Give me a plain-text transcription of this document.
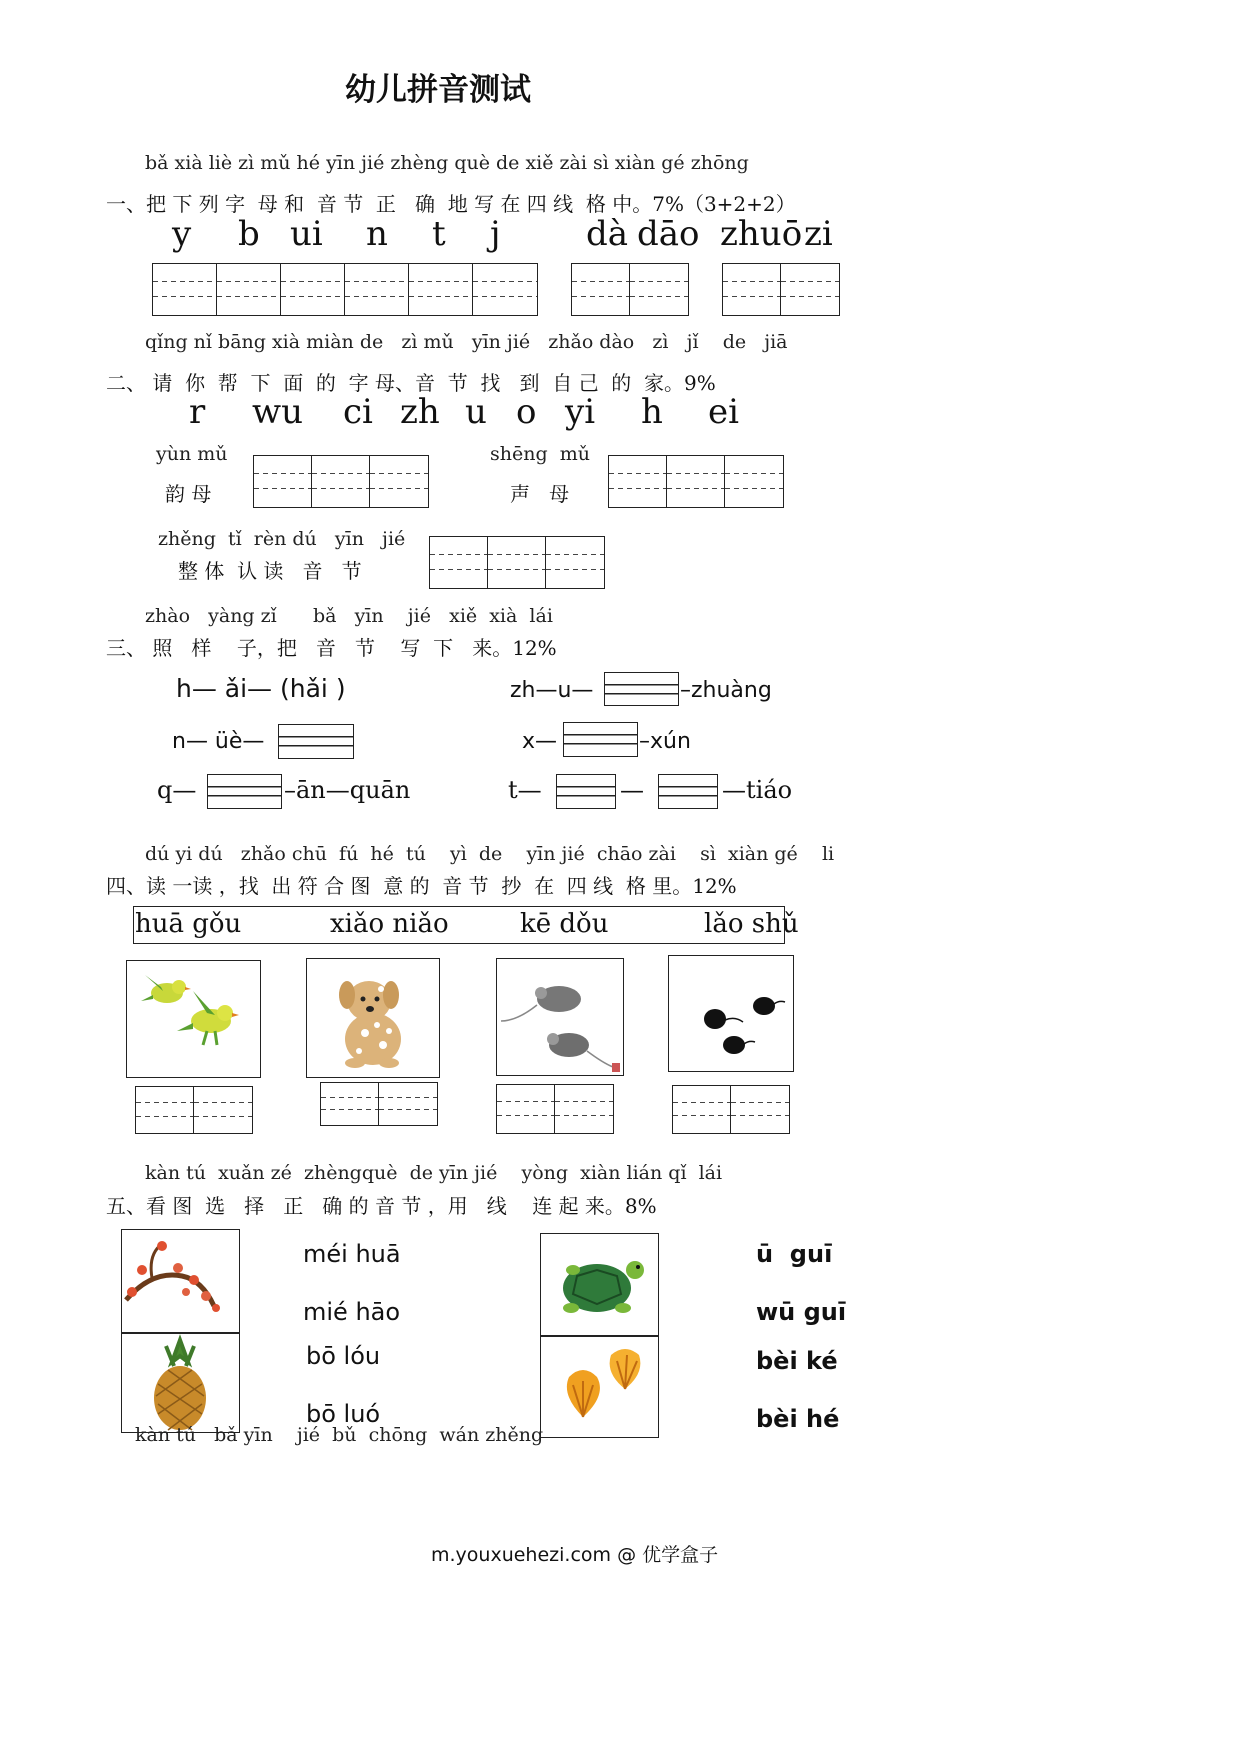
幼儿拼音测试
bǎ xià liè zì mǔ hé yīn jié zhèng què de xiě zài sì xiàn gé zhōng
一、把 下 列 字  母 和  音 节  正   确  地 写 在 四 线  格 中。7%（3+2+2）
y b ui n t j	dà dāo zhuō zi
qǐng nǐ bāng xià miàn de   zì mǔ   yīn jié   zhǎo dào   zì   jǐ    de   jiā
二、 请  你  帮  下  面  的  字 母、音  节  找   到  自 己  的  家。9%
r wu ci zh u o yi h ei
yùn mǔ
韵 母
shēng  mǔ
声   母
zhěng  tǐ  rèn dú   yīn   jié
整 体  认 读   音   节
zhào   yàng zǐ      bǎ   yīn    jié   xiě  xià  lái
三、 照   样    子，把   音   节    写  下   来。12%
h— ǎi— (hǎi )	zh—u—	–zhuàng
n— üè—	x—	–xún
q—	–ān—quān	t—	—	—tiáo
dú yi dú   zhǎo chū  fú  hé  tú    yì  de    yīn jié  chāo zài    sì  xiàn gé    li
四、读 一读 ，找  出 符 合 图  意 的  音 节  抄  在  四 线  格 里。12%
huā gǒu	xiǎo niǎo	kē dǒu	lǎo shǔ
kàn tú  xuǎn zé  zhèngquè  de yīn jié    yòng  xiàn lián qǐ  lái
五、看 图  选   择   正   确 的 音 节 ，用   线    连 起 来。8%
méi huā
mié hāo
bō lóu
bō luó
ū  guī
wū guī
bèi ké
bèi hé
kàn tú   bǎ yīn    jié  bǔ  chōng  wán zhěng
m.youxuehezi.com @ 优学盒子
